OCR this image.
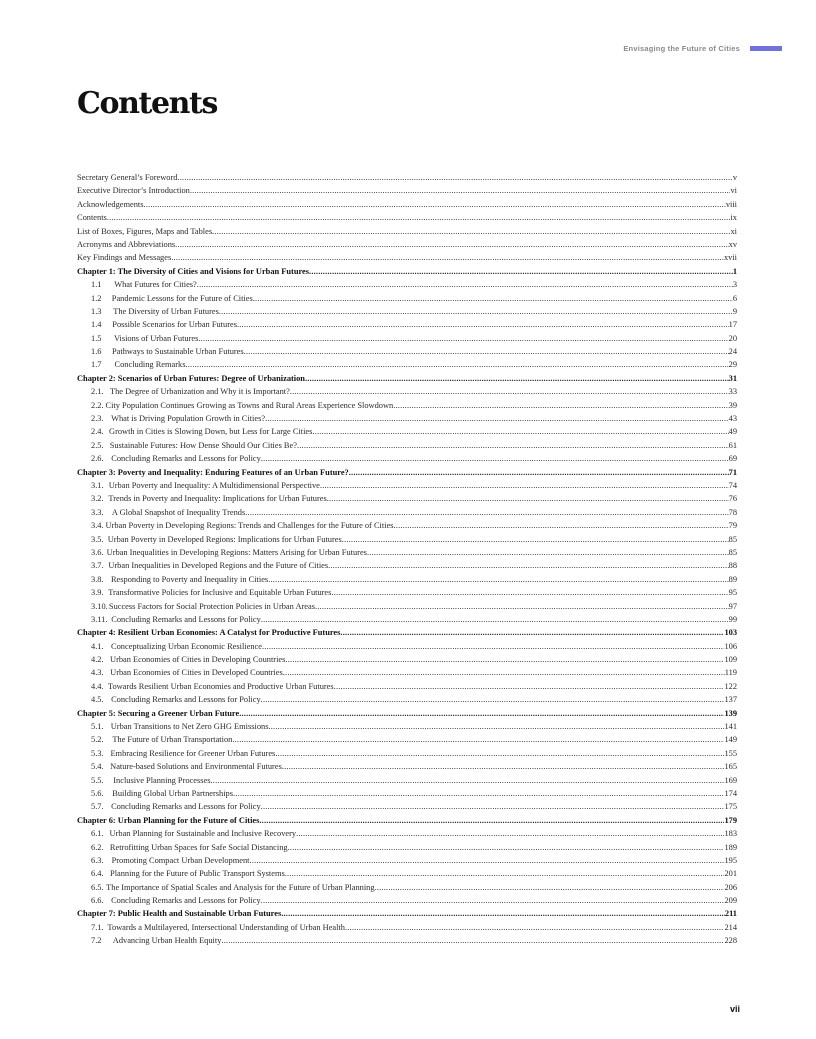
Envisaging the Future of Cities
Contents
Secretary General’s Foreword .....	v
Executive Director’s Introduction .....	vi
Acknowledgements .....	viii
Contents .....	ix
List of Boxes, Figures, Maps and Tables .....	xi
Acronyms and Abbreviations .....	xv
Key Findings and Messages .....	xvii
Chapter 1: The Diversity of Cities and Visions for Urban Futures .....	1
1.1	What Futures for Cities? .....	3
1.2	Pandemic Lessons for the Future of Cities .....	6
1.3	The Diversity of Urban Futures .....	9
1.4	Possible Scenarios for Urban Futures .....	17
1.5	Visions of Urban Futures .....	20
1.6	Pathways to Sustainable Urban Futures .....	24
1.7	Concluding Remarks .....	29
Chapter 2: Scenarios of Urban Futures: Degree of Urbanization .....	31
2.1. The Degree of Urbanization and Why it is Important? .....	33
2.2. City Population Continues Growing as Towns and Rural Areas Experience Slowdown .....	39
2.3. What is Driving Population Growth in Cities? .....	43
2.4. Growth in Cities is Slowing Down, but Less for Large Cities .....	49
2.5. Sustainable Futures: How Dense Should Our Cities Be? .....	61
2.6. Concluding Remarks and Lessons for Policy .....	69
Chapter 3: Poverty and Inequality: Enduring Features of an Urban Future? .....	71
3.1. Urban Poverty and Inequality: A Multidimensional Perspective .....	74
3.2. Trends in Poverty and Inequality: Implications for Urban Futures .....	76
3.3. A Global Snapshot of Inequality Trends .....	78
3.4. Urban Poverty in Developing Regions: Trends and Challenges for the Future of Cities .....	79
3.5. Urban Poverty in Developed Regions: Implications for Urban Futures .....	85
3.6. Urban Inequalities in Developing Regions: Matters Arising for Urban Futures .....	85
3.7. Urban Inequalities in Developed Regions and the Future of Cities .....	88
3.8. Responding to Poverty and Inequality in Cities .....	89
3.9. Transformative Policies for Inclusive and Equitable Urban Futures .....	95
3.10. Success Factors for Social Protection Policies in Urban Areas .....	97
3.11. Concluding Remarks and Lessons for Policy .....	99
Chapter 4: Resilient Urban Economies: A Catalyst for Productive Futures .....	103
4.1. Conceptualizing Urban Economic Resilience .....	106
4.2. Urban Economies of Cities in Developing Countries .....	109
4.3. Urban Economies of Cities in Developed Countries .....	119
4.4. Towards Resilient Urban Economies and Productive Urban Futures .....	122
4.5. Concluding Remarks and Lessons for Policy .....	137
Chapter 5: Securing a Greener Urban Future .....	139
5.1. Urban Transitions to Net Zero GHG Emissions .....	141
5.2.	The Future of Urban Transportation .....	149
5.3. Embracing Resilience for Greener Urban Futures .....	155
5.4. Nature-based Solutions and Environmental Futures .....	165
5.5.	Inclusive Planning Processes .....	169
5.6.	Building Global Urban Partnerships .....	174
5.7. Concluding Remarks and Lessons for Policy .....	175
Chapter 6: Urban Planning for the Future of Cities .....	179
6.1. Urban Planning for Sustainable and Inclusive Recovery .....	183
6.2. Retrofitting Urban Spaces for Safe Social Distancing .....	189
6.3. Promoting Compact Urban Development .....	195
6.4. Planning for the Future of Public Transport Systems .....	201
6.5. The Importance of Spatial Scales and Analysis for the Future of Urban Planning .....	206
6.6. Concluding Remarks and Lessons for Policy .....	209
Chapter 7: Public Health and Sustainable Urban Futures .....	211
7.1. Towards a Multilayered, Intersectional Understanding of Urban Health .....	214
7.2	Advancing Urban Health Equity .....	228
vii
